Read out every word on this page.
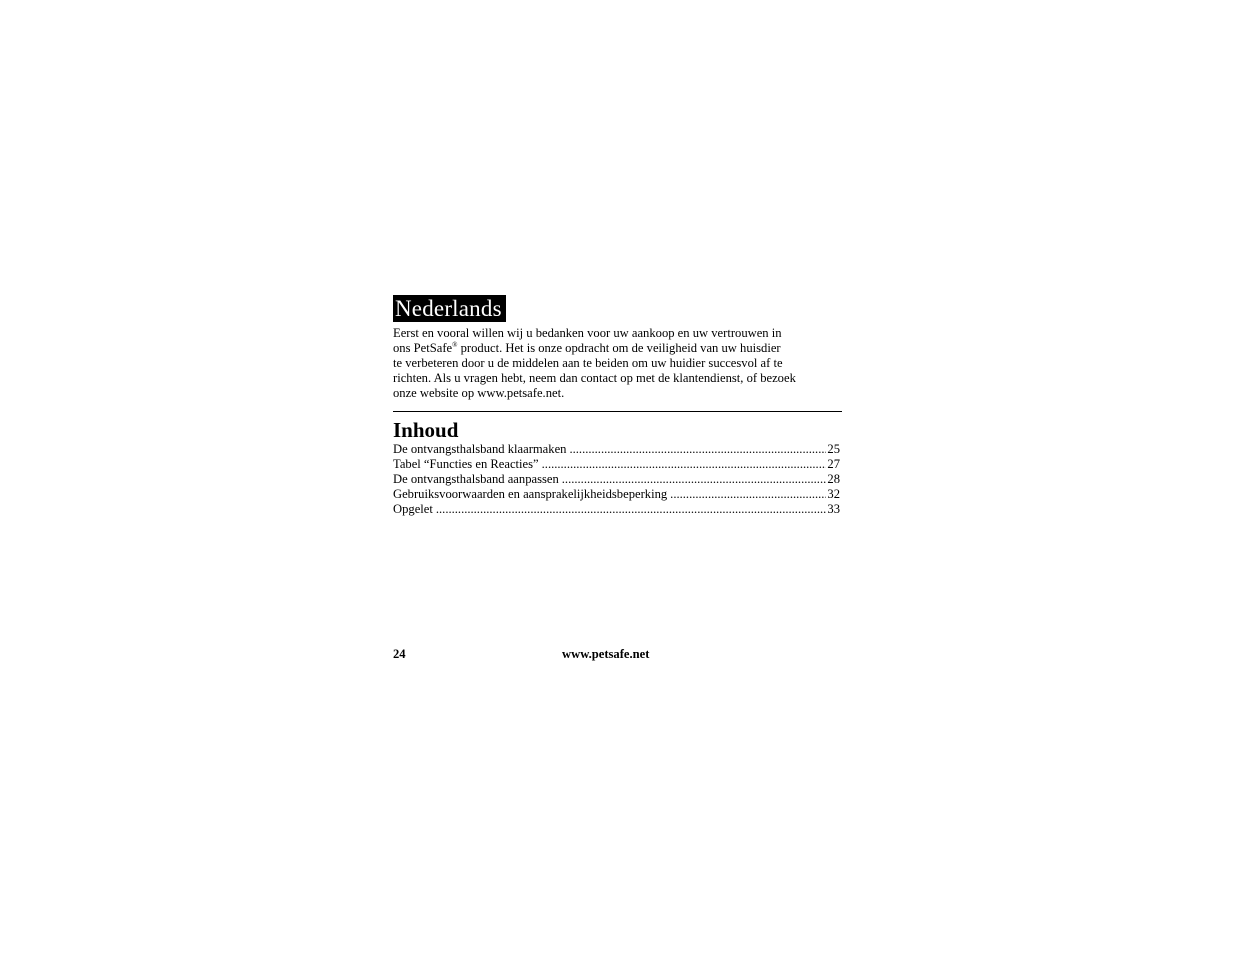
Nederlands
Eerst en vooral willen wij u bedanken voor uw aankoop en uw vertrouwen in
ons PetSafe® product. Het is onze opdracht om de veiligheid van uw huisdier
te verbeteren door u de middelen aan te beiden om uw huidier succesvol af te
richten. Als u vragen hebt, neem dan contact op met de klantendienst, of bezoek
onze website op www.petsafe.net.
Inhoud
De ontvangsthalsband klaarmaken .....	25
Tabel “Functies en Reacties” .....	27
De ontvangsthalsband aanpassen .....	28
Gebruiksvoorwaarden en aansprakelijkheidsbeperking .....	32
Opgelet .....	33
24	www.petsafe.net
